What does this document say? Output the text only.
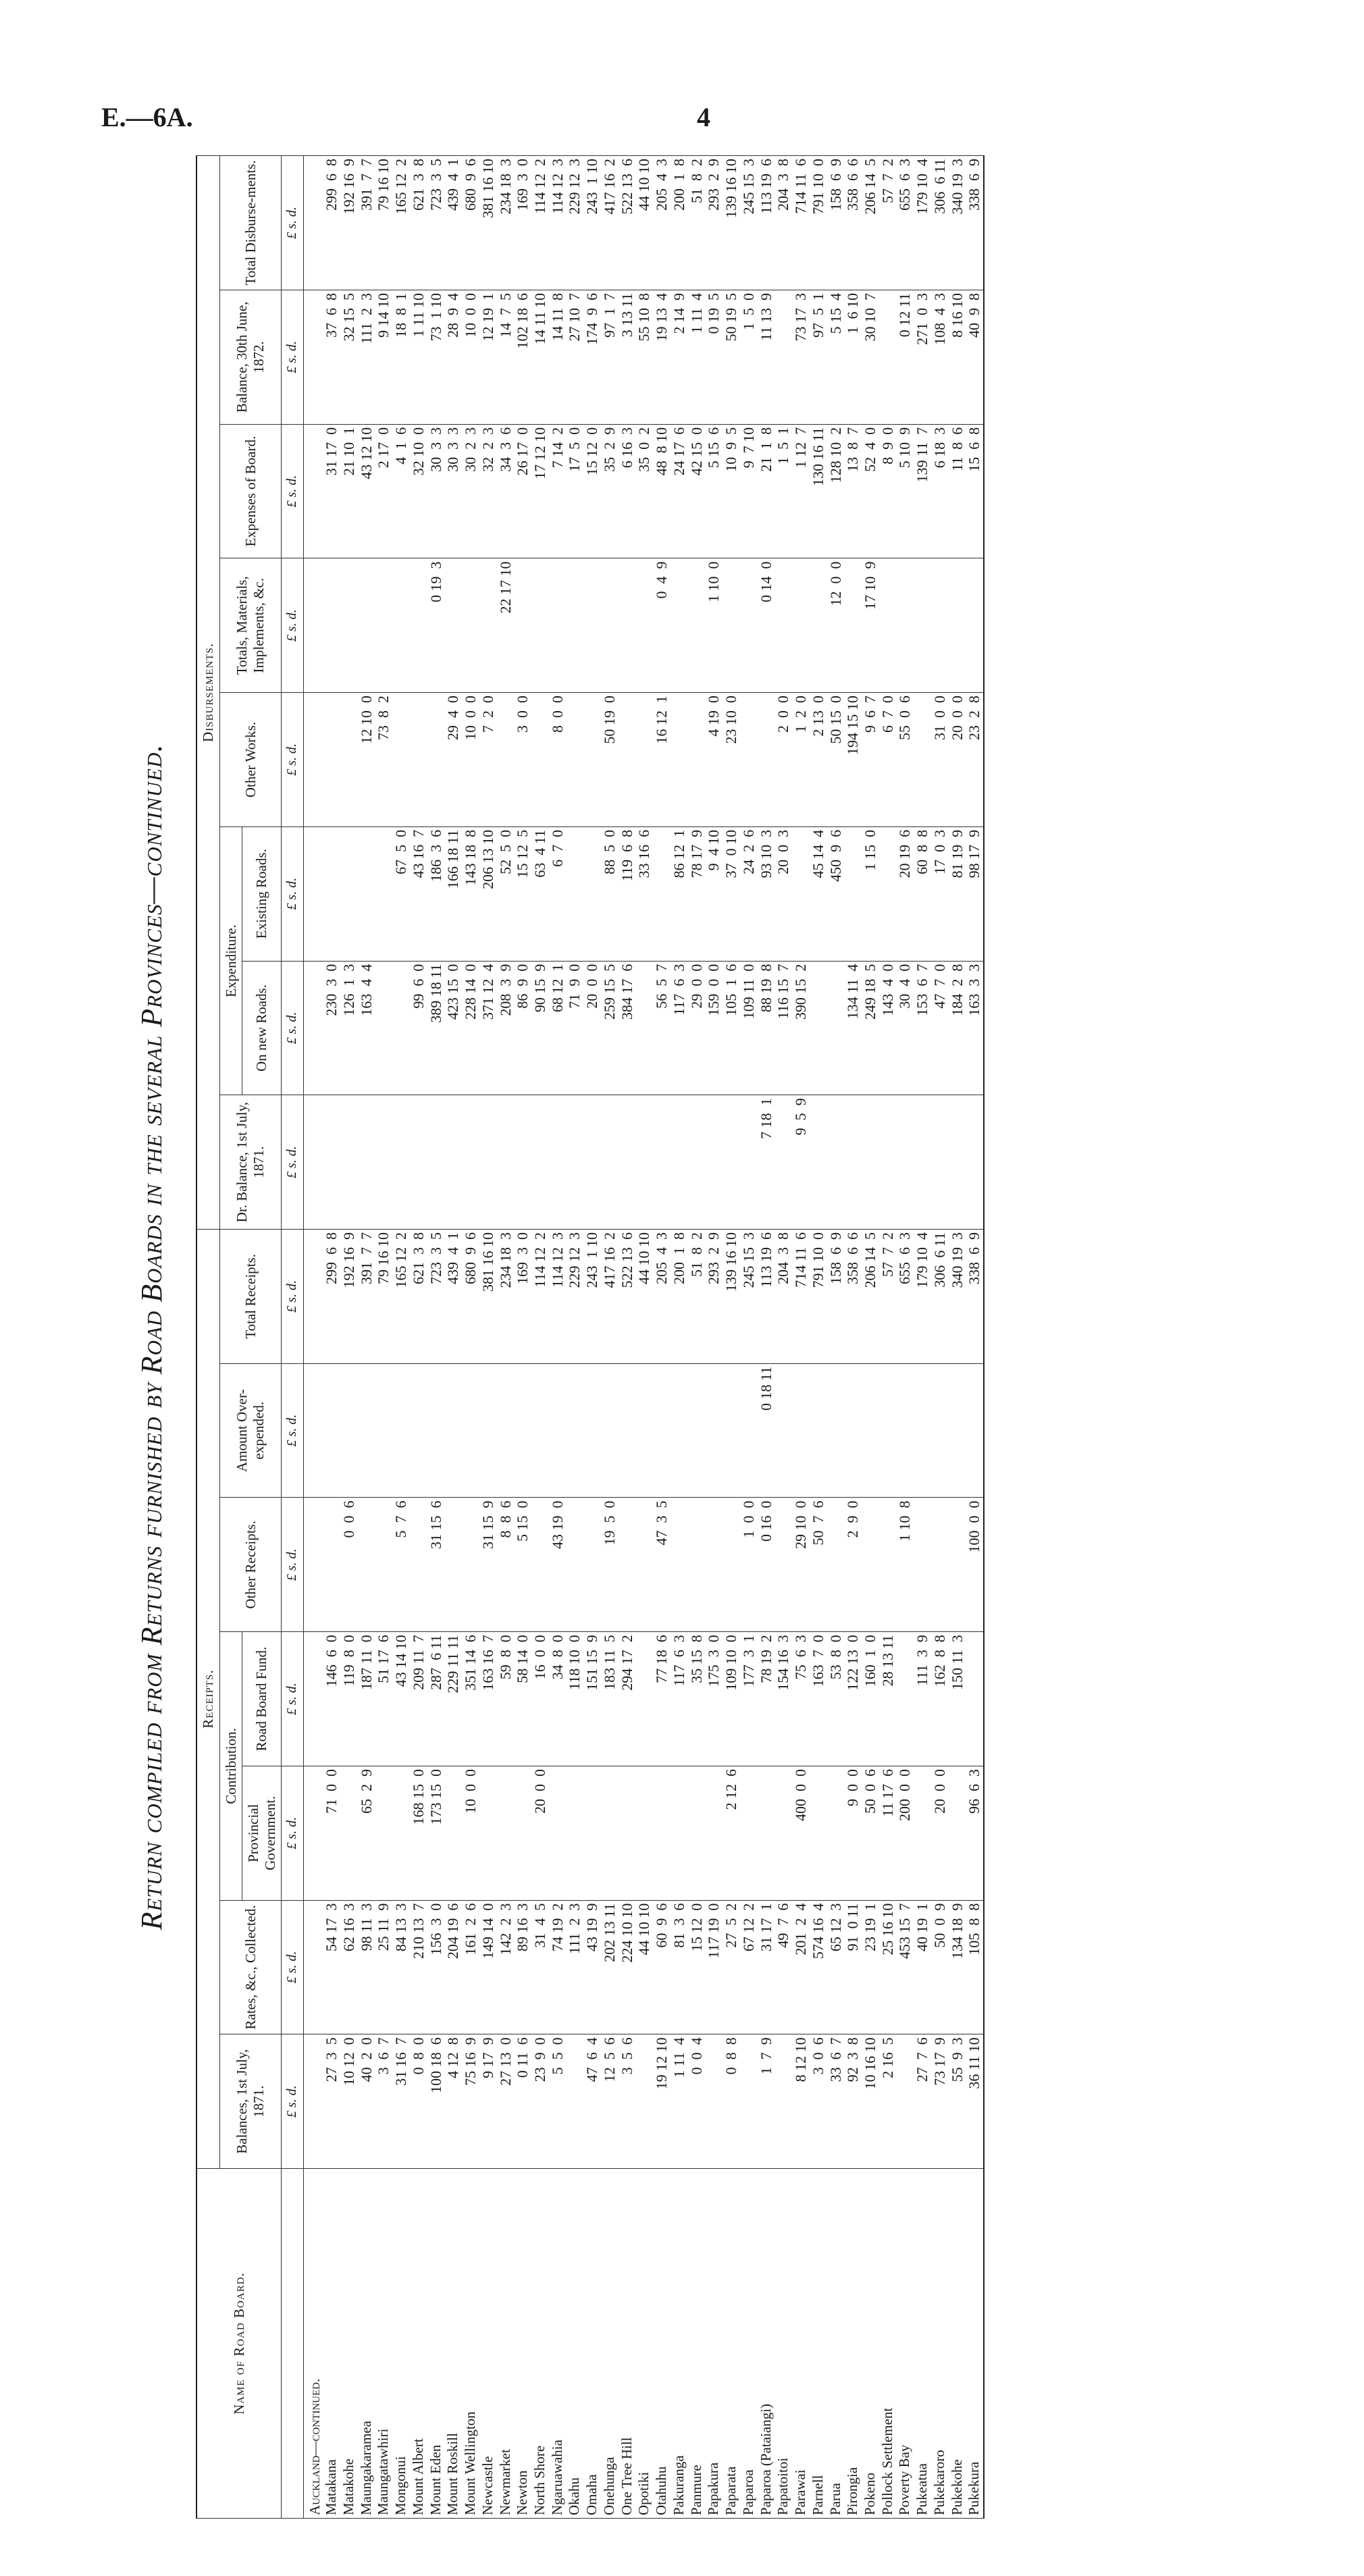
E.—6A.	4
Return compiled from Returns furnished by Road Boards in the several Provinces—continued.
Name of Road Board.	Receipts.							Disbursements.							
	Balances, 1st July, 1871.	Rates, &c., Collected.	Contribution.		Other Receipts.	Amount Over-expended.	Total Receipts.	Dr. Balance, 1st July, 1871.	Expenditure.		Other Works.	Totals, Materials, Implements, &c.	Expenses of Board.	Balance, 30th June, 1872.	Total Disburse-ments.
			Provincial Government.	Road Board Fund.					On new Roads.	Existing Roads.					
	£ s. d.	£ s. d.	£ s. d.	£ s. d.	£ s. d.	£ s. d.	£ s. d.	£ s. d.	£ s. d.	£ s. d.	£ s. d.	£ s. d.	£ s. d.	£ s. d.	£ s. d.
Auckland—continued.															
Matakana	27  3  5	54 17  3	71  0  0	146  6  0			299  6  8		230  3  0				31 17  0	37  6  8	299  6  8
Matakohe	10 12  0	62 16  3		119  8  0	0  0  6		192 16  9		126  1  3				21 10  1	32 15  5	192 16  9
Maungakaramea	40  2  0	98 11  3	65  2  9	187 11  0			391  7  7		163  4  4		12 10  0		43 12 10	111  2  3	391  7  7
Maungatawhiri	3  6  7	25 11  9		51 17  6			79 16 10				73  8  2		2 17  0	9 14 10	79 16 10
Mongonui	31 16  7	84 13  3		43 14 10	5  7  6		165 12  2			67  5  0			4  1  6	18  8  1	165 12  2
Mount Albert	0  8  0	210 13  7	168 15  0	209 11  7			621  3  8		99  6  0	43 16  7			32 10  0	1 11 10	621  3  8
Mount Eden	100 18  6	156  3  0	173 15  0	287  6 11	31 15  6		723  3  5		389 18 11	186  3  6		0 19  3	30  3  3	73  1 10	723  3  5
Mount Roskill	4 12  8	204 19  6		229 11 11			439  4  1		423 15  0	166 18 11	29  4  0		30  3  3	28  9  4	439  4  1
Mount Wellington	75 16  9	161  2  6	10  0  0	351 14  6			680  9  6		228 14  0	143 18  8	10  0  0		30  2  3	10  0  0	680  9  6
Newcastle	9 17  9	149 14  0		163 16  7	31 15  9		381 16 10		371 12  4	206 13 10	7  2  0		32  2  3	12 19  1	381 16 10
Newmarket	27 13  0	142  2  3		59  8  0	8  8  6		234 18  3		208  3  9	52  5  0		22 17 10	34  3  6	14  7  5	234 18  3
Newton	0 11  6	89 16  3		58 14  0	5 15  0		169  3  0		86  9  0	15 12  5	3  0  0		26 17  0	102 18  6	169  3  0
North Shore	23  9  0	31  4  5	20  0  0	16  0  0			114 12  2		90 15  9	63  4 11			17 12 10	14 11 10	114 12  2
Ngaruawahia	5  5  0	74 19  2		34  8  0	43 19  0		114 12  3		68 12  1	6  7  0	8  0  0		7 14  2	14 11  8	114 12  3
Okahu		111  2  3		118 10  0			229 12  3		71  9  0				17  5  0	27 10  7	229 12  3
Omaha	47  6  4	43 19  9		151 15  9			243  1 10		20  0  0				15 12  0	174  9  6	243  1 10
Onehunga	12  5  6	202 13 11		183 11  5	19  5  0		417 16  2		259 15  5	88  5  0	50 19  0		35  2  9	97  1  7	417 16  2
One Tree Hill	3  5  6	224 10 10		294 17  2			522 13  6		384 17  6	119  6  8			6 16  3	3 13 11	522 13  6
Opotiki		44 10 10					44 10 10			33 16  6			35  0  2	55 10  8	44 10 10
Otahuhu	19 12 10	60  9  6		77 18  6	47  3  5		205  4  3		56  5  7		16 12  1	0  4  9	48  8 10	19 13  4	205  4  3
Pakuranga	1 11  4	81  3  6		117  6  3			200  1  8		117  6  3	86 12  1			24 17  6	2 14  9	200  1  8
Panmure	0  0  4	15 12  0		35 15  8			51  8  2		29  0  0	78 17  9			42 15  0	1 11  4	51  8  2
Papakura		117 19  0		175  3  0			293  2  9		159  0  0	9  4 10	4 19  0	1 10  0	5 15  6	0 19  5	293  2  9
Paparata	0  8  8	27  5  2	2 12  6	109 10  0			139 16 10		105  1  6	37  0 10	23 10  0		10  9  5	50 19  5	139 16 10
Paparoa		67 12  2		177  3  1	1  0  0		245 15  3		109 11  0	24  2  6			9  7 10	1  5  0	245 15  3
Paparoa (Pataiangi)	1  7  9	31 17  1		78 19  2	0 16  0	0 18 11	113 19  6	7 18  1	88 19  8	93 10  3		0 14  0	21  1  8	11 13  9	113 19  6
Papatoitoi		49  7  6		154 16  3			204  3  8		116 15  7	20  0  3	2  0  0		1  5  1		204  3  8
Parawai	8 12 10	201  2  4	400  0  0	75  6  3	29 10  0		714 11  6	9  5  9	390 15  2		1  2  0		1 12  7	73 17  3	714 11  6
Parnell	3  0  6	574 16  4		163  7  0	50  7  6		791 10  0			45 14  4	2 13  0		130 16 11	97  5  1	791 10  0
Parua	33  6  7	65 12  3		53  8  0			158  6  9			450  9  6	50 15  0	12  0  0	128 10  2	5 15  4	158  6  9
Pirongia	92  3  8	91  0 11	9  0  0	122 13  0	2  9  0		358  6  6		134 11  4		194 15 10		13  8  7	1  6 10	358  6  6
Pokeno	10 16 10	23 19  1	50  0  6	160  1  0			206 14  5		249 18  5	1 15  0	9  6  7	17 10  9	52  4  0	30 10  7	206 14  5
Pollock Settlement	2 16  5	25 16 10	11 17  6	28 13 11			57  7  2		143  4  0		6  7  0		8  9  0		57  7  2
Poverty Bay		453 15  7	200  0  0		1 10  8		655  6  3		30  4  0	20 19  6	55  0  6		5 10  9	0 12 11	655  6  3
Pukeatua	27  7  6	40 19  1		111  3  9			179 10  4		153  6  7	60  8  8			139 11  7	271  0  3	179 10  4
Pukekaroro	73 17  9	50  0  9	20  0  0	162  8  8			306  6 11		47  7  0	17  0  3	31  0  0		6 18  3	108  4  3	306  6 11
Pukekohe	55  9  3	134 18  9		150 11  3			340 19  3		184  2  8	81 19  9	20  0  0		11  8  6	8 16 10	340 19  3
Pukekura	36 11 10	105  8  8	96  6  3		100  0  0		338  6  9		163  3  3	98 17  9	23  2  8		15  6  8	40  9  8	338  6  9
